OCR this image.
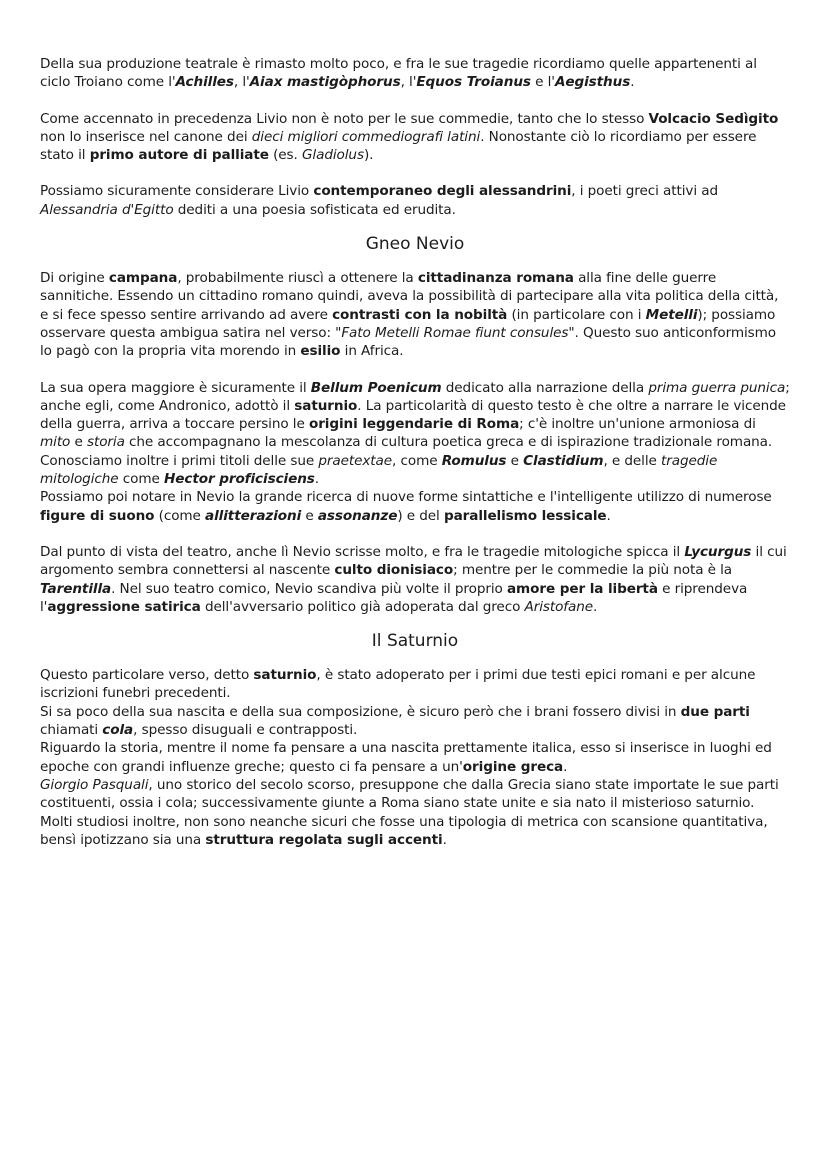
Della sua produzione teatrale è rimasto molto poco, e fra le sue tragedie ricordiamo quelle appartenenti al ciclo Troiano come l'Achilles, l'Aiax mastigòphorus, l'Equos Troianus e l'Aegisthus.

Come accennato in precedenza Livio non è noto per le sue commedie, tanto che lo stesso Volcacio Sedìgito non lo inserisce nel canone dei dieci migliori commediografi latini. Nonostante ciò lo ricordiamo per essere stato il primo autore di palliate (es. Gladiolus).

Possiamo sicuramente considerare Livio contemporaneo degli alessandrini, i poeti greci attivi ad Alessandria d'Egitto dediti a una poesia sofisticata ed erudita.

Gneo Nevio

Di origine campana, probabilmente riuscì a ottenere la cittadinanza romana alla fine delle guerre sannitiche. Essendo un cittadino romano quindi, aveva la possibilità di partecipare alla vita politica della città, e si fece spesso sentire arrivando ad avere contrasti con la nobiltà (in particolare con i Metelli); possiamo osservare questa ambigua satira nel verso: "Fato Metelli Romae fiunt consules". Questo suo anticonformismo lo pagò con la propria vita morendo in esilio in Africa.

La sua opera maggiore è sicuramente il Bellum Poenicum dedicato alla narrazione della prima guerra punica; anche egli, come Andronico, adottò il saturnio. La particolarità di questo testo è che oltre a narrare le vicende della guerra, arriva a toccare persino le origini leggendarie di Roma; c'è inoltre un'unione armoniosa di mito e storia che accompagnano la mescolanza di cultura poetica greca e di ispirazione tradizionale romana.

Conosciamo inoltre i primi titoli delle sue praetextae, come Romulus e Clastidium, e delle tragedie mitologiche come Hector proficisciens.

Possiamo poi notare in Nevio la grande ricerca di nuove forme sintattiche e l'intelligente utilizzo di numerose figure di suono (come allitterazioni e assonanze) e del parallelismo lessicale.

Dal punto di vista del teatro, anche lì Nevio scrisse molto, e fra le tragedie mitologiche spicca il Lycurgus il cui argomento sembra connettersi al nascente culto dionisiaco; mentre per le commedie la più nota è la Tarentilla. Nel suo teatro comico, Nevio scandiva più volte il proprio amore per la libertà e riprendeva l'aggressione satirica dell'avversario politico già adoperata dal greco Aristofane.

Il Saturnio

Questo particolare verso, detto saturnio, è stato adoperato per i primi due testi epici romani e per alcune iscrizioni funebri precedenti.

Si sa poco della sua nascita e della sua composizione, è sicuro però che i brani fossero divisi in due parti chiamati cola, spesso disuguali e contrapposti.

Riguardo la storia, mentre il nome fa pensare a una nascita prettamente italica, esso si inserisce in luoghi ed epoche con grandi influenze greche; questo ci fa pensare a un'origine greca.

Giorgio Pasquali, uno storico del secolo scorso, presuppone che dalla Grecia siano state importate le sue parti costituenti, ossia i cola; successivamente giunte a Roma siano state unite e sia nato il misterioso saturnio.

Molti studiosi inoltre, non sono neanche sicuri che fosse una tipologia di metrica con scansione quantitativa, bensì ipotizzano sia una struttura regolata sugli accenti.
